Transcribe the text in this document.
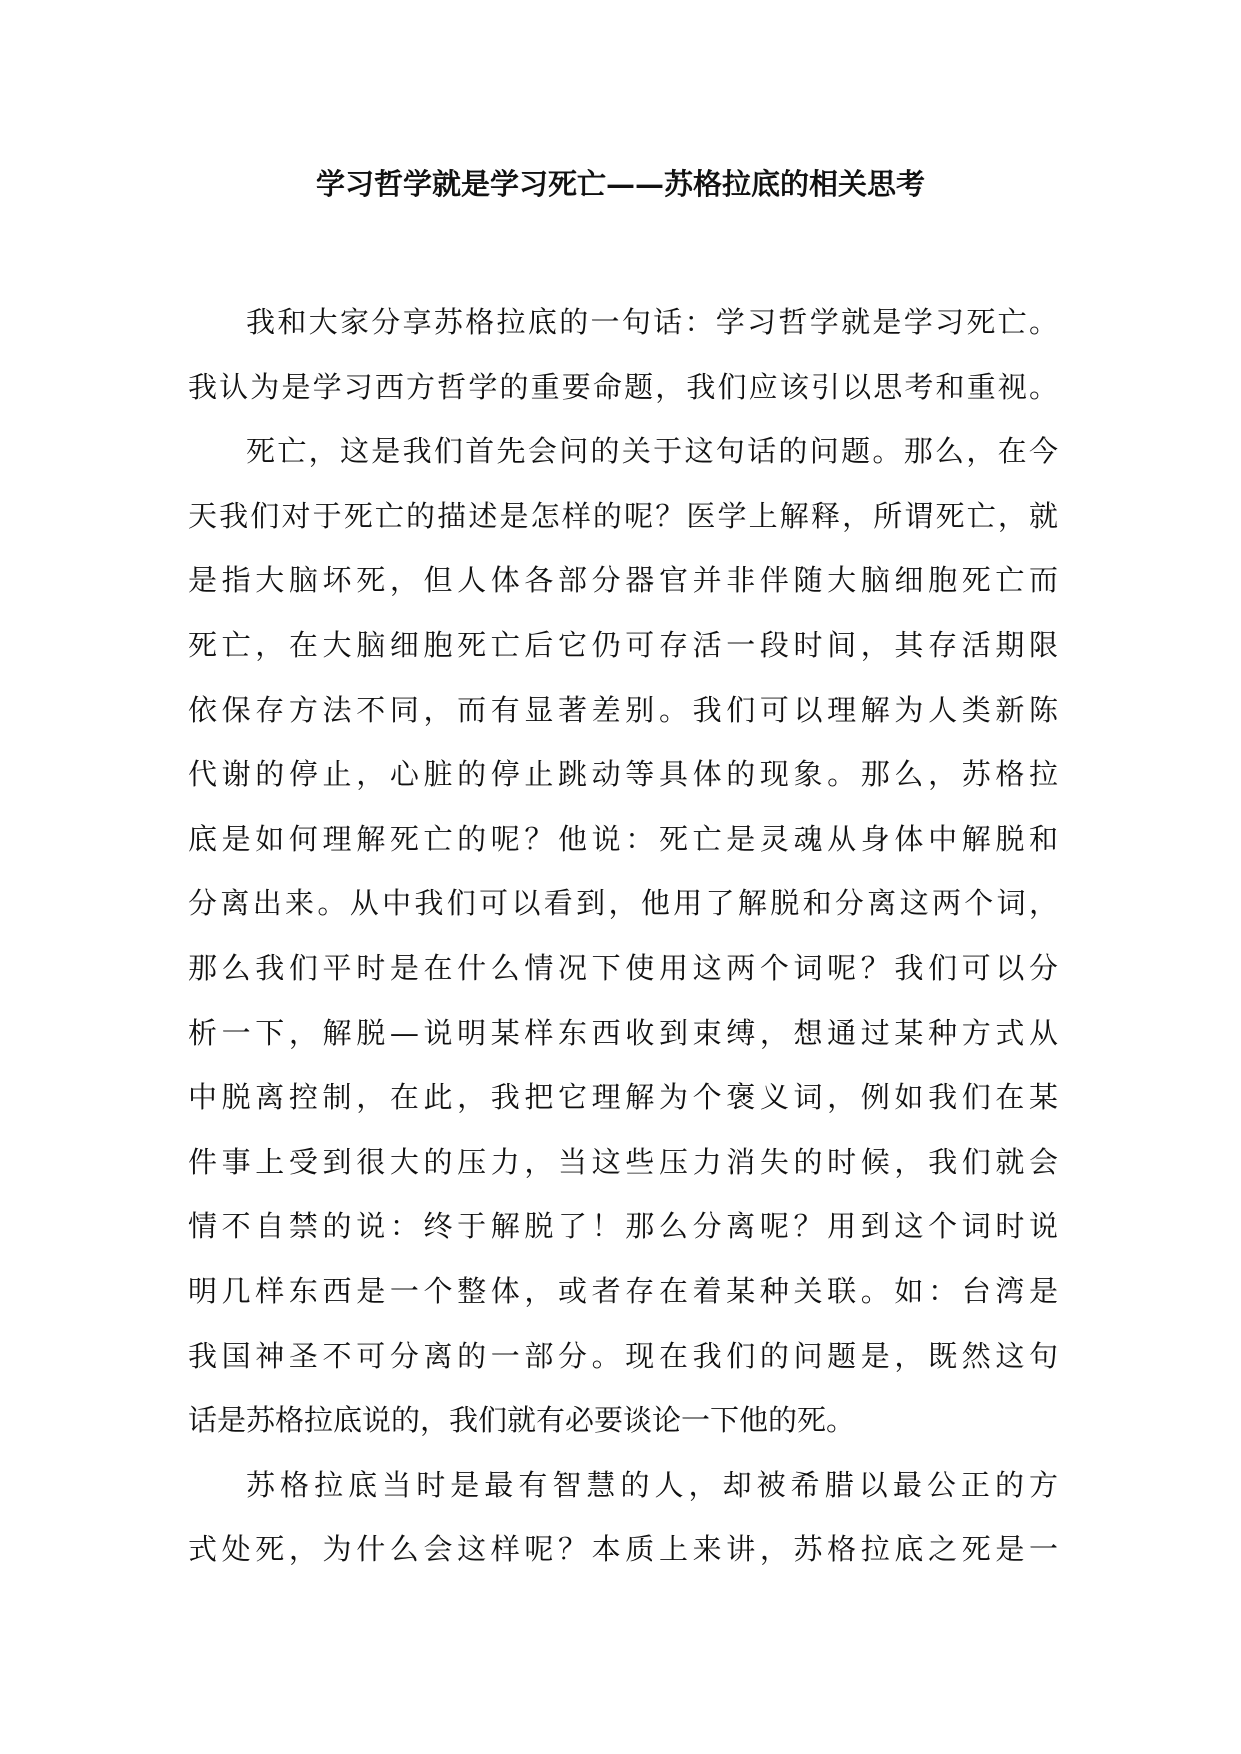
学习哲学就是学习死亡——苏格拉底的相关思考

我和大家分享苏格拉底的一句话：学习哲学就是学习死亡。
我认为是学习西方哲学的重要命题，我们应该引以思考和重视。

死亡，这是我们首先会问的关于这句话的问题。那么，在今
天我们对于死亡的描述是怎样的呢？医学上解释，所谓死亡，就
是指大脑坏死，但人体各部分器官并非伴随大脑细胞死亡而
死亡，在大脑细胞死亡后它仍可存活一段时间，其存活期限
依保存方法不同，而有显著差别。我们可以理解为人类新陈
代谢的停止，心脏的停止跳动等具体的现象。那么，苏格拉
底是如何理解死亡的呢？他说：死亡是灵魂从身体中解脱和
分离出来。从中我们可以看到，他用了解脱和分离这两个词，
那么我们平时是在什么情况下使用这两个词呢？我们可以分
析一下，解脱—说明某样东西收到束缚，想通过某种方式从
中脱离控制，在此，我把它理解为个褒义词，例如我们在某
件事上受到很大的压力，当这些压力消失的时候，我们就会
情不自禁的说：终于解脱了！那么分离呢？用到这个词时说
明几样东西是一个整体，或者存在着某种关联。如：台湾是
我国神圣不可分离的一部分。现在我们的问题是，既然这句
话是苏格拉底说的，我们就有必要谈论一下他的死。

苏格拉底当时是最有智慧的人，却被希腊以最公正的方
式处死，为什么会这样呢？本质上来讲，苏格拉底之死是一
